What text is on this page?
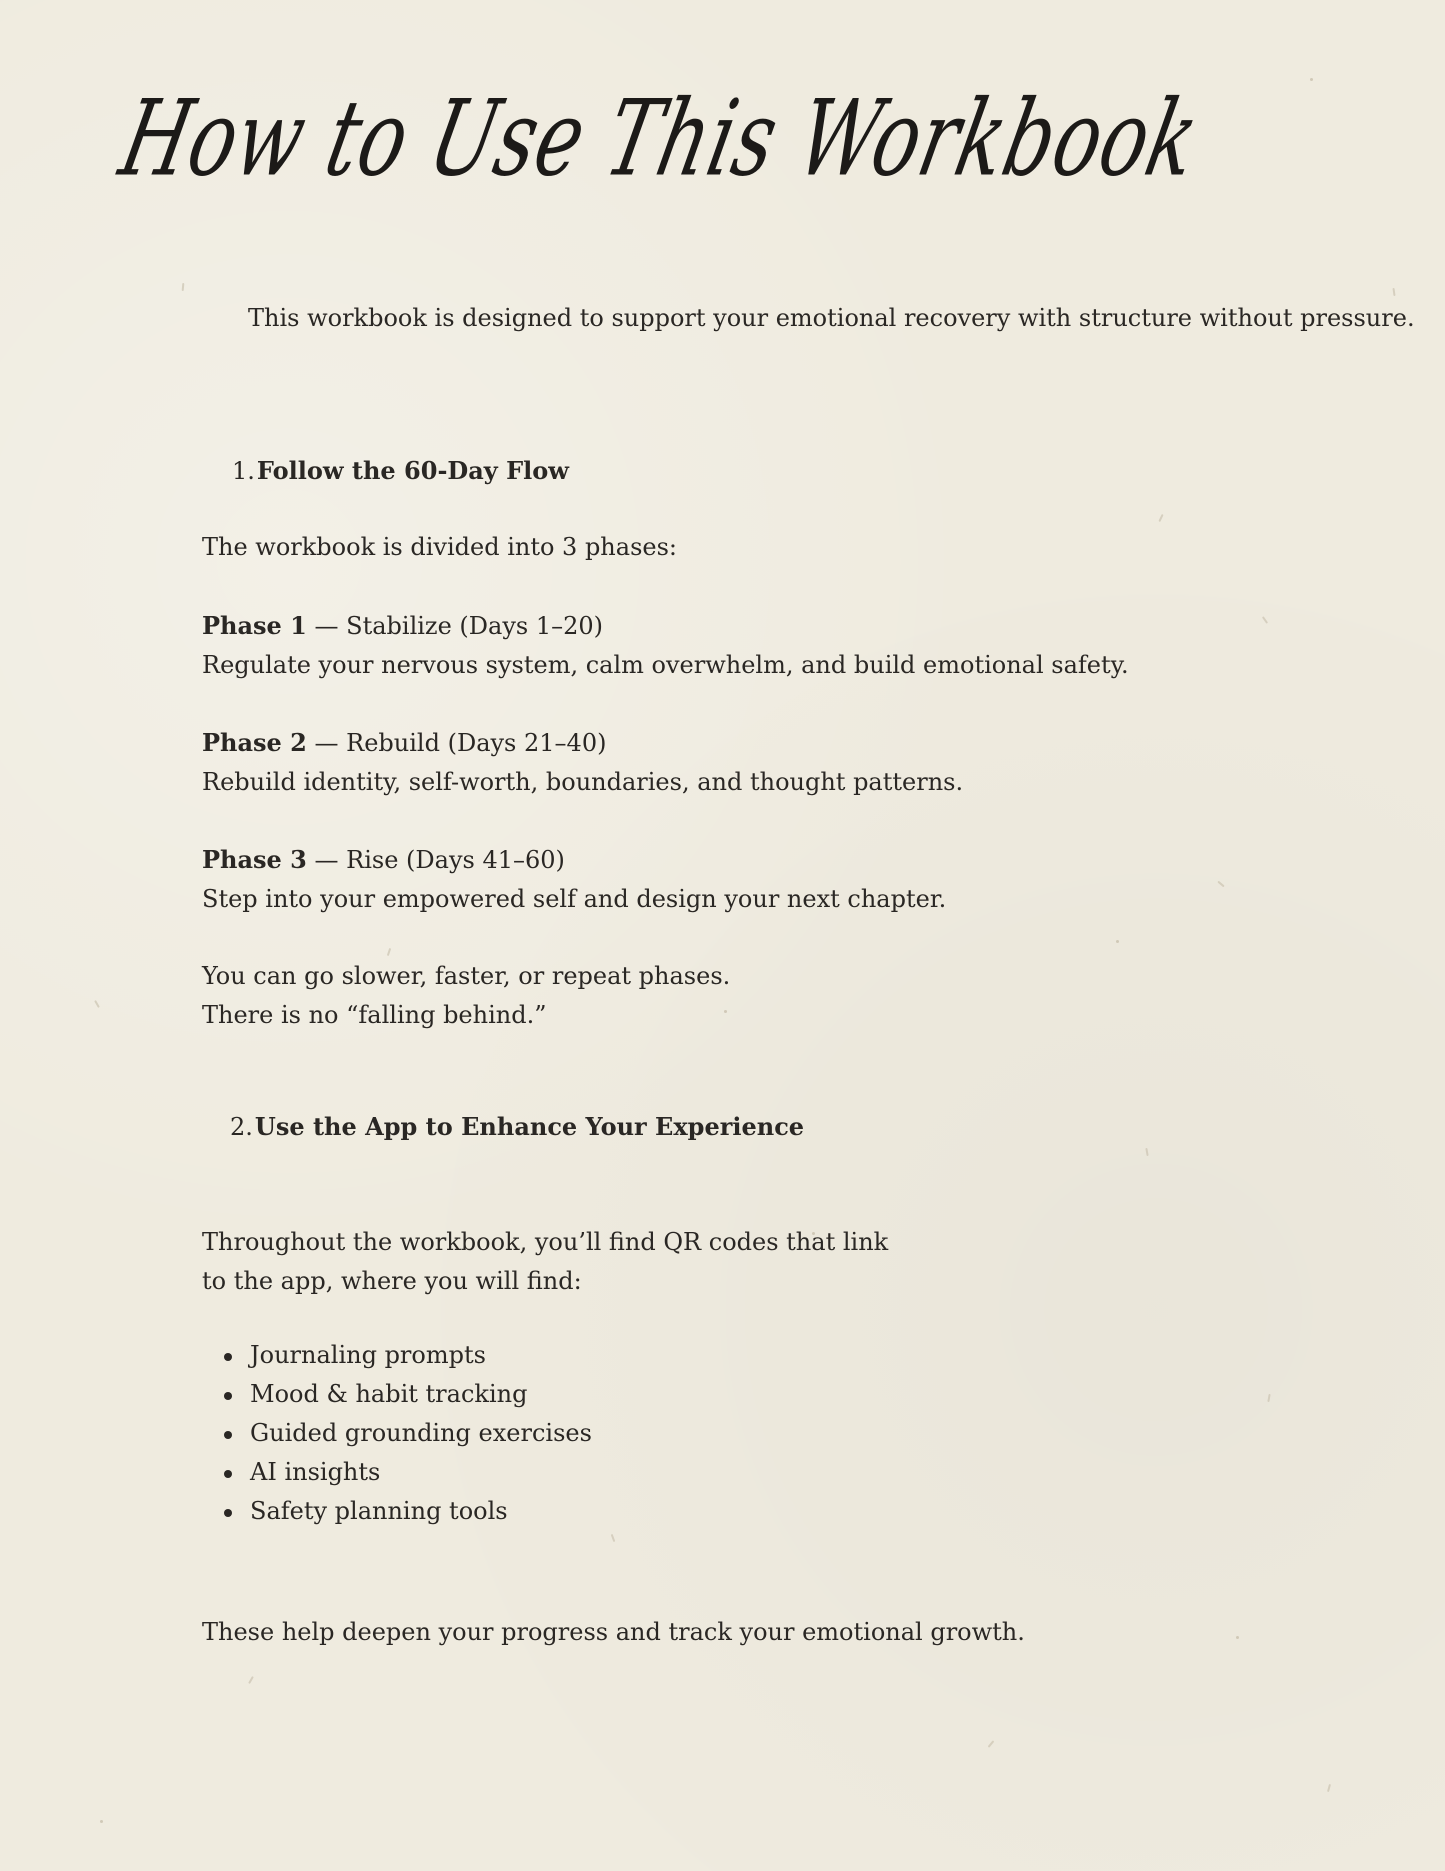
How to Use This Workbook
This workbook is designed to support your emotional recovery with structure without pressure.
1.Follow the 60-Day Flow
The workbook is divided into 3 phases:
Phase 1 — Stabilize (Days 1–20)
Regulate your nervous system, calm overwhelm, and build emotional safety.
Phase 2 — Rebuild (Days 21–40)
Rebuild identity, self-worth, boundaries, and thought patterns.
Phase 3 — Rise (Days 41–60)
Step into your empowered self and design your next chapter.
You can go slower, faster, or repeat phases.
There is no “falling behind.”
2.Use the App to Enhance Your Experience
Throughout the workbook, you’ll find QR codes that link
to the app, where you will find:
Journaling prompts
Mood & habit tracking
Guided grounding exercises
AI insights
Safety planning tools
These help deepen your progress and track your emotional growth.
